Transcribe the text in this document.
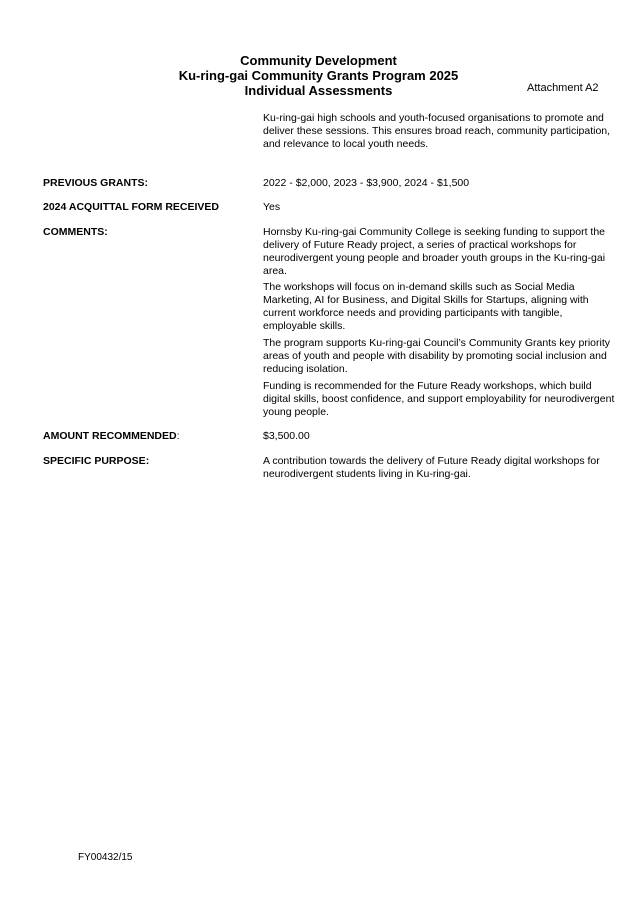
Community Development
Ku-ring-gai Community Grants Program 2025
Individual Assessments	Attachment A2

Ku-ring-gai high schools and youth-focused organisations to promote and deliver these sessions. This ensures broad reach, community participation, and relevance to local youth needs.

PREVIOUS GRANTS:	2022 - $2,000, 2023 - $3,900, 2024 - $1,500

2024 ACQUITTAL FORM RECEIVED	Yes

COMMENTS:	Hornsby Ku-ring-gai Community College is seeking funding to support the delivery of Future Ready project, a series of practical workshops for neurodivergent young people and broader youth groups in the Ku-ring-gai area.

The workshops will focus on in-demand skills such as Social Media Marketing, AI for Business, and Digital Skills for Startups, aligning with current workforce needs and providing participants with tangible, employable skills.

The program supports Ku-ring-gai Council’s Community Grants key priority areas of youth and people with disability by promoting social inclusion and reducing isolation.

Funding is recommended for the Future Ready workshops, which build digital skills, boost confidence, and support employability for neurodivergent young people.

AMOUNT RECOMMENDED:	$3,500.00

SPECIFIC PURPOSE:	A contribution towards the delivery of Future Ready digital workshops for neurodivergent students living in Ku-ring-gai.

FY00432/15
